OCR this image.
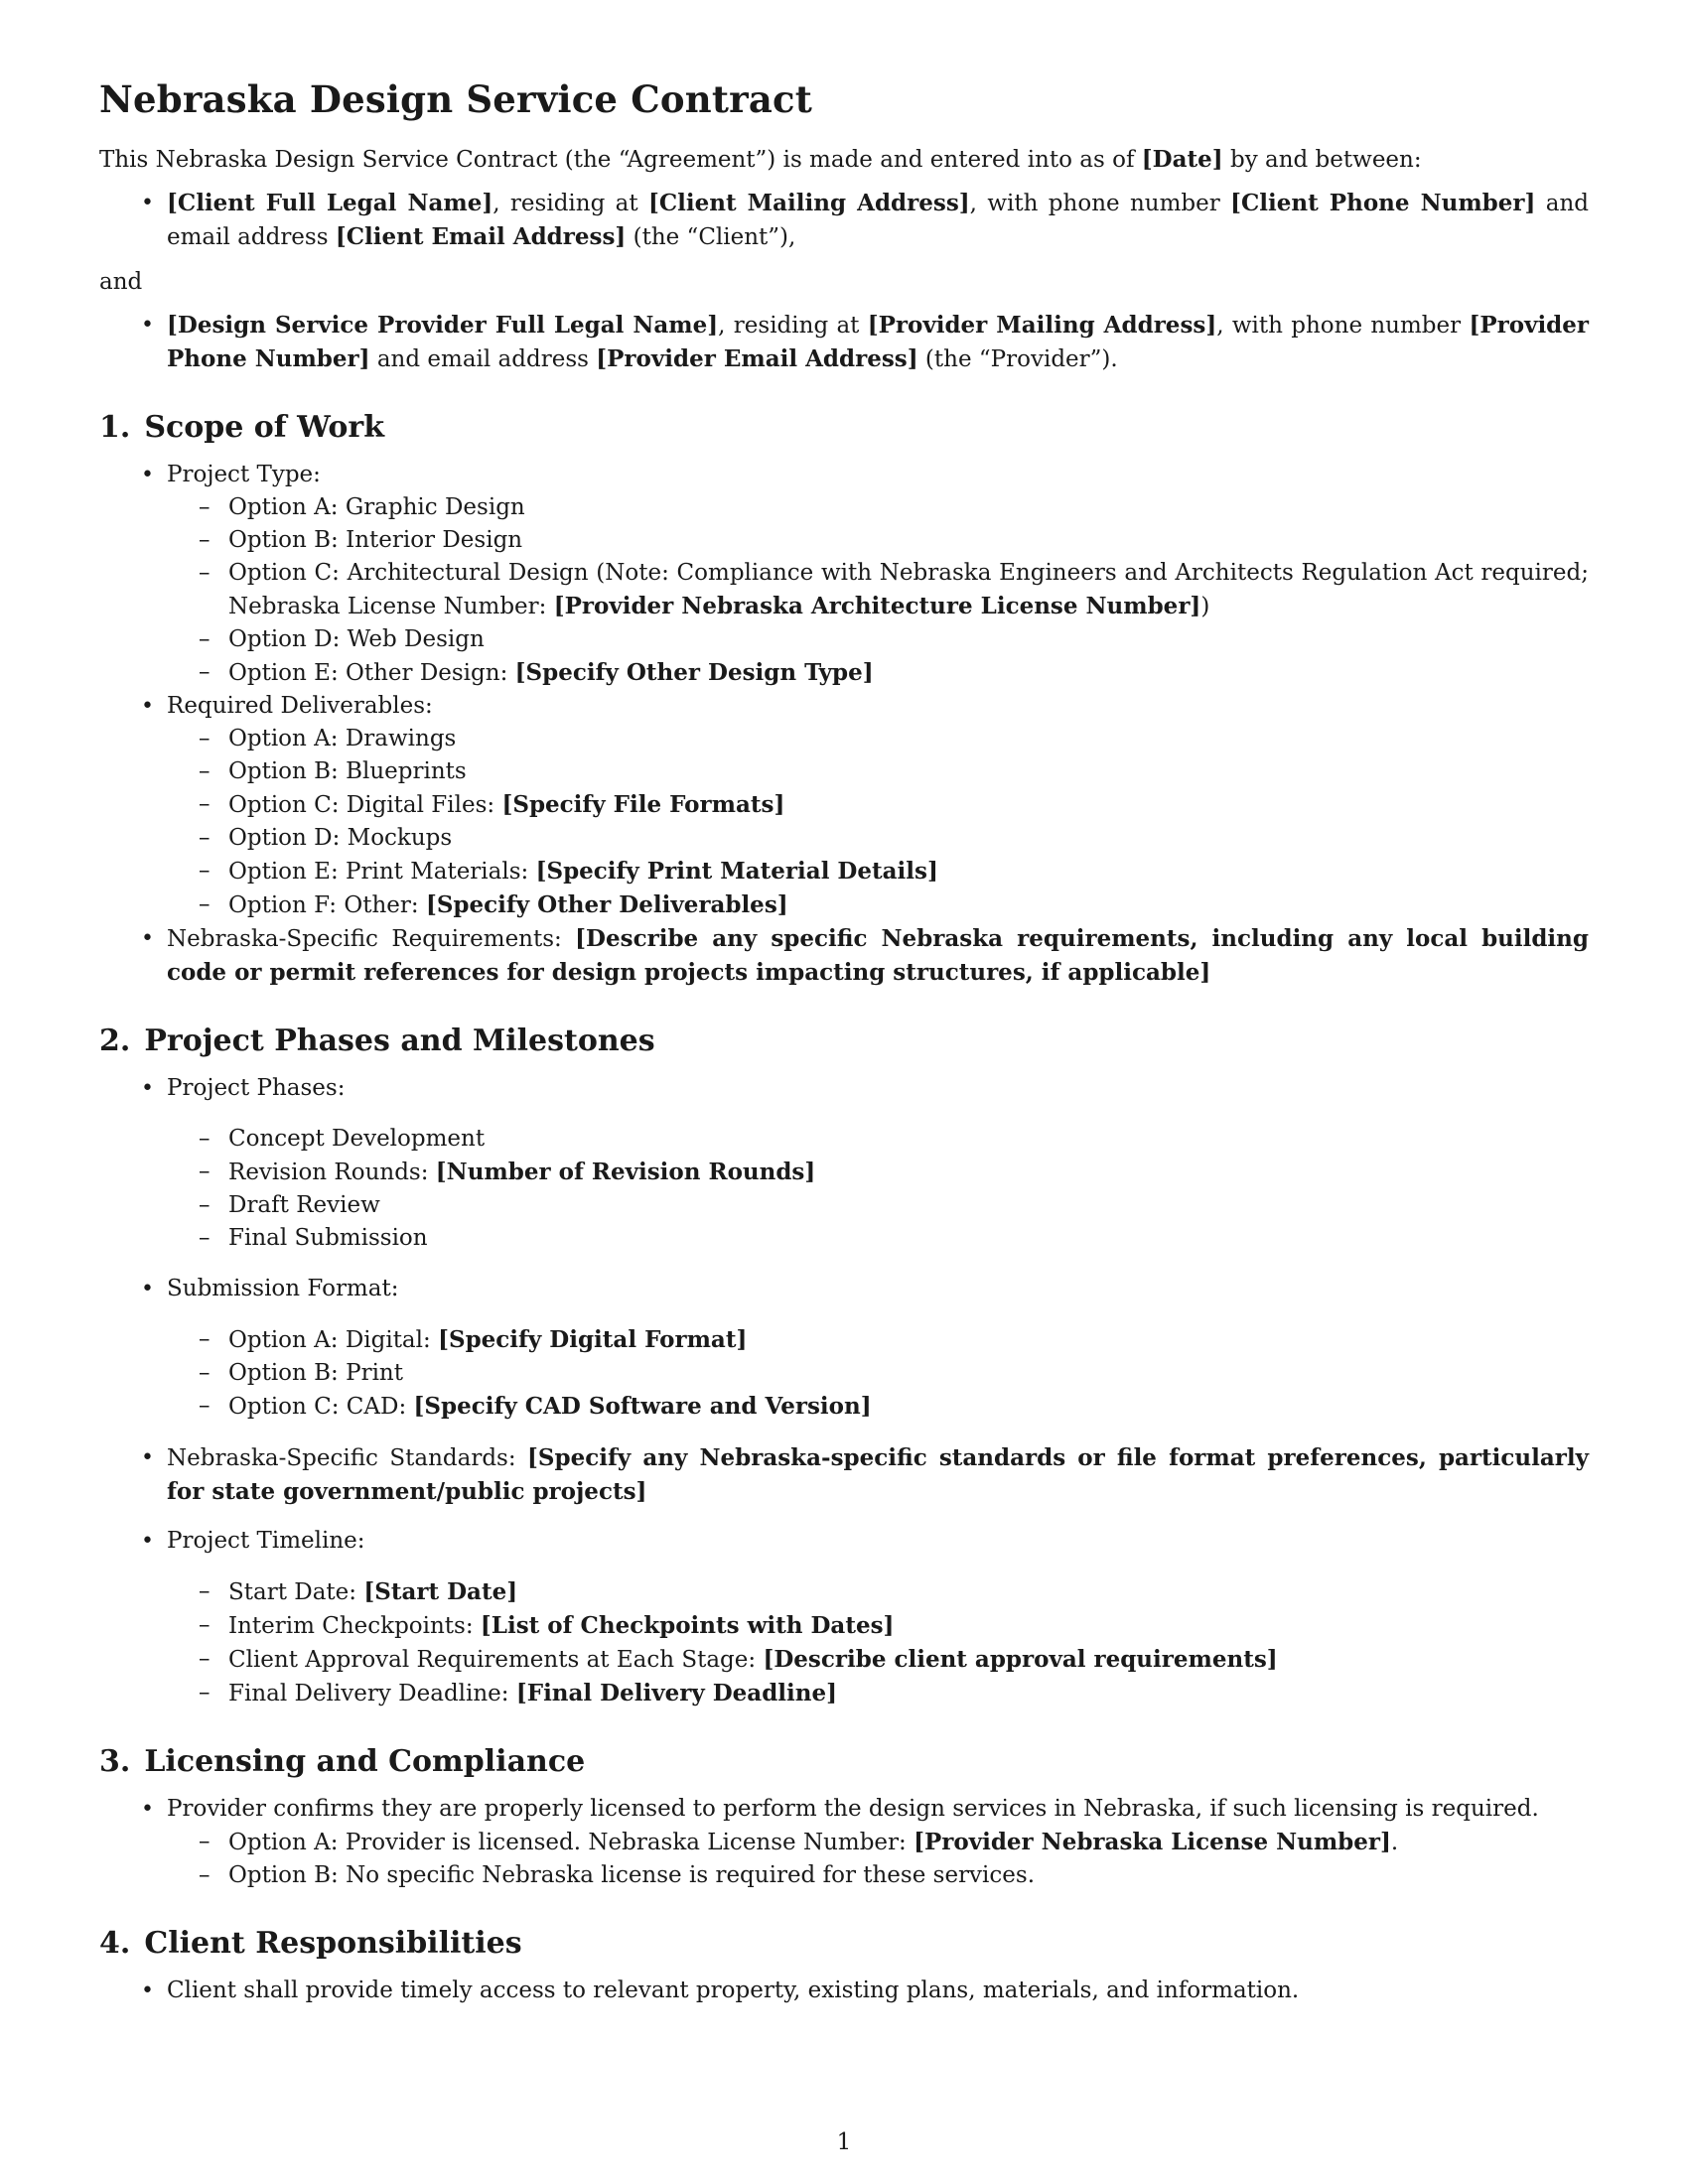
Nebraska Design Service Contract

This Nebraska Design Service Contract (the “Agreement”) is made and entered into as of [Date] by and between:

• [Client Full Legal Name], residing at [Client Mailing Address], with phone number [Client Phone Number] and email address [Client Email Address] (the “Client”),

and

• [Design Service Provider Full Legal Name], residing at [Provider Mailing Address], with phone number [Provider Phone Number] and email address [Provider Email Address] (the “Provider”).
1. Scope of Work
• Project Type:
– Option A: Graphic Design
– Option B: Interior Design
– Option C: Architectural Design (Note: Compliance with Nebraska Engineers and Architects Regulation Act required; Nebraska License Number: [Provider Nebraska Architecture License Number])
– Option D: Web Design
– Option E: Other Design: [Specify Other Design Type]
• Required Deliverables:
– Option A: Drawings
– Option B: Blueprints
– Option C: Digital Files: [Specify File Formats]
– Option D: Mockups
– Option E: Print Materials: [Specify Print Material Details]
– Option F: Other: [Specify Other Deliverables]
• Nebraska-Specific Requirements: [Describe any specific Nebraska requirements, including any local building code or permit references for design projects impacting structures, if applicable]
2. Project Phases and Milestones
• Project Phases:
– Concept Development
– Revision Rounds: [Number of Revision Rounds]
– Draft Review
– Final Submission
• Submission Format:
– Option A: Digital: [Specify Digital Format]
– Option B: Print
– Option C: CAD: [Specify CAD Software and Version]
• Nebraska-Specific Standards: [Specify any Nebraska-specific standards or file format preferences, particularly for state government/public projects]
• Project Timeline:
– Start Date: [Start Date]
– Interim Checkpoints: [List of Checkpoints with Dates]
– Client Approval Requirements at Each Stage: [Describe client approval requirements]
– Final Delivery Deadline: [Final Delivery Deadline]
3. Licensing and Compliance
• Provider confirms they are properly licensed to perform the design services in Nebraska, if such licensing is required.
– Option A: Provider is licensed. Nebraska License Number: [Provider Nebraska License Number].
– Option B: No specific Nebraska license is required for these services.
4. Client Responsibilities
• Client shall provide timely access to relevant property, existing plans, materials, and information.
1
